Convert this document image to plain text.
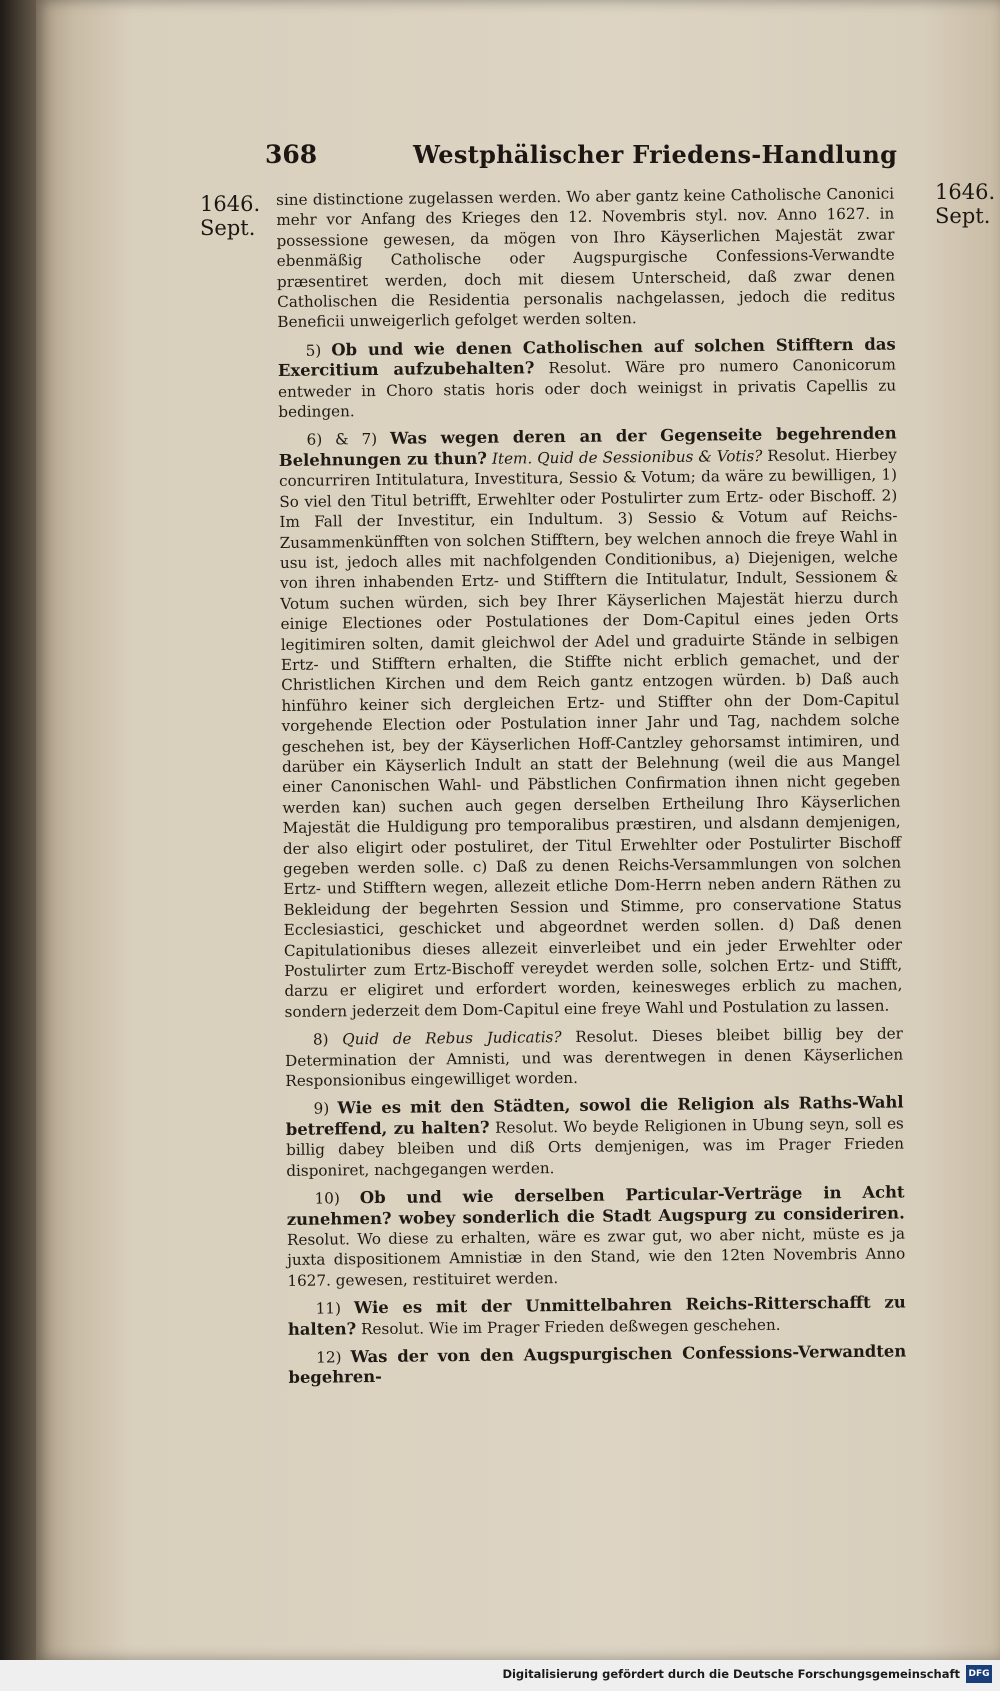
368	Westphälischer Friedens-Handlung
1646.
Sept.
1646.
Sept.

sine distinctione zugelassen werden. Wo aber gantz keine Catholische Canonici mehr vor Anfang des Krieges den 12. Novembris styl. nov. Anno 1627. in possessione gewesen, da mögen von Ihro Käyserlichen Majestät zwar ebenmäßig Catholische oder Augspurgische Confessions-Verwandte præsentiret werden, doch mit diesem Unterscheid, daß zwar denen Catholischen die Residentia personalis nachgelassen, jedoch die reditus Beneficii unweigerlich gefolget werden solten.

5) Ob und wie denen Catholischen auf solchen Stifftern das Exercitium aufzubehalten? Resolut. Wäre pro numero Canonicorum entweder in Choro statis horis oder doch weinigst in privatis Capellis zu bedingen.

6) & 7) Was wegen deren an der Gegenseite begehrenden Belehnungen zu thun? Item. Quid de Sessionibus & Votis? Resolut. Hierbey concurriren Intitulatura, Investitura, Sessio & Votum; da wäre zu bewilligen, 1) So viel den Titul betrifft, Erwehlter oder Postulirter zum Ertz- oder Bischoff. 2) Im Fall der Investitur, ein Indultum. 3) Sessio & Votum auf Reichs-Zusammenkünfften von solchen Stifftern, bey welchen annoch die freye Wahl in usu ist, jedoch alles mit nachfolgenden Conditionibus, a) Diejenigen, welche von ihren inhabenden Ertz- und Stifftern die Intitulatur, Indult, Sessionem & Votum suchen würden, sich bey Ihrer Käyserlichen Majestät hierzu durch einige Electiones oder Postulationes der Dom-Capitul eines jeden Orts legitimiren solten, damit gleichwol der Adel und graduirte Stände in selbigen Ertz- und Stifftern erhalten, die Stiffte nicht erblich gemachet, und der Christlichen Kirchen und dem Reich gantz entzogen würden. b) Daß auch hinführo keiner sich dergleichen Ertz- und Stiffter ohn der Dom-Capitul vorgehende Election oder Postulation inner Jahr und Tag, nachdem solche geschehen ist, bey der Käyserlichen Hoff-Cantzley gehorsamst intimiren, und darüber ein Käyserlich Indult an statt der Belehnung (weil die aus Mangel einer Canonischen Wahl- und Päbstlichen Confirmation ihnen nicht gegeben werden kan) suchen auch gegen derselben Ertheilung Ihro Käyserlichen Majestät die Huldigung pro temporalibus præstiren, und alsdann demjenigen, der also eligirt oder postuliret, der Titul Erwehlter oder Postulirter Bischoff gegeben werden solle. c) Daß zu denen Reichs-Versammlungen von solchen Ertz- und Stifftern wegen, allezeit etliche Dom-Herrn neben andern Räthen zu Bekleidung der begehrten Session und Stimme, pro conservatione Status Ecclesiastici, geschicket und abgeordnet werden sollen. d) Daß denen Capitulationibus dieses allezeit einverleibet und ein jeder Erwehlter oder Postulirter zum Ertz-Bischoff vereydet werden solle, solchen Ertz- und Stifft, darzu er eligiret und erfordert worden, keinesweges erblich zu machen, sondern jederzeit dem Dom-Capitul eine freye Wahl und Postulation zu lassen.

8) Quid de Rebus Judicatis? Resolut. Dieses bleibet billig bey der Determination der Amnisti, und was derentwegen in denen Käyserlichen Responsionibus eingewilliget worden.

9) Wie es mit den Städten, sowol die Religion als Raths-Wahl betreffend, zu halten? Resolut. Wo beyde Religionen in Ubung seyn, soll es billig dabey bleiben und diß Orts demjenigen, was im Prager Frieden disponiret, nachgegangen werden.

10) Ob und wie derselben Particular-Verträge in Acht zunehmen? wobey sonderlich die Stadt Augspurg zu consideriren. Resolut. Wo diese zu erhalten, wäre es zwar gut, wo aber nicht, müste es ja juxta dispositionem Amnistiæ in den Stand, wie den 12ten Novembris Anno 1627. gewesen, restituiret werden.

11) Wie es mit der Unmittelbahren Reichs-Ritterschafft zu halten? Resolut. Wie im Prager Frieden deßwegen geschehen.

12) Was der von den Augspurgischen Confessions-Verwandten begehren-

Digitalisierung gefördert durch die Deutsche Forschungsgemeinschaft DFG
